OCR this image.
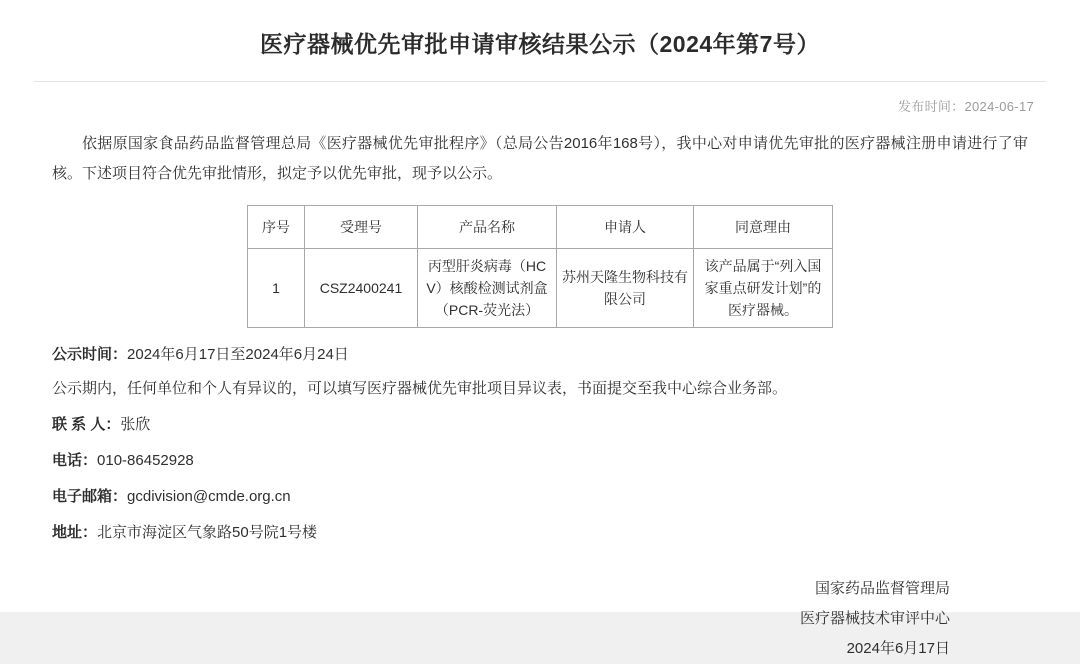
医疗器械优先审批申请审核结果公示（2024年第7号）
发布时间：2024-06-17
依据原国家食品药品监督管理总局《医疗器械优先审批程序》（总局公告2016年168号），我中心对申请优先审批的医疗器械注册申请进行了审核。下述项目符合优先审批情形，拟定予以优先审批，现予以公示。
序号	受理号	产品名称	申请人	同意理由
1	CSZ2400241	丙型肝炎病毒（HCV）核酸检测试剂盒（PCR-荧光法）	苏州天隆生物科技有限公司	该产品属于“列入国家重点研发计划”的医疗器械。
公示时间：2024年6月17日至2024年6月24日
公示期内，任何单位和个人有异议的，可以填写医疗器械优先审批项目异议表，书面提交至我中心综合业务部。
联 系 人：张欣
电话：010-86452928
电子邮箱：gcdivision@cmde.org.cn
地址：北京市海淀区气象路50号院1号楼
国家药品监督管理局
医疗器械技术审评中心
2024年6月17日
